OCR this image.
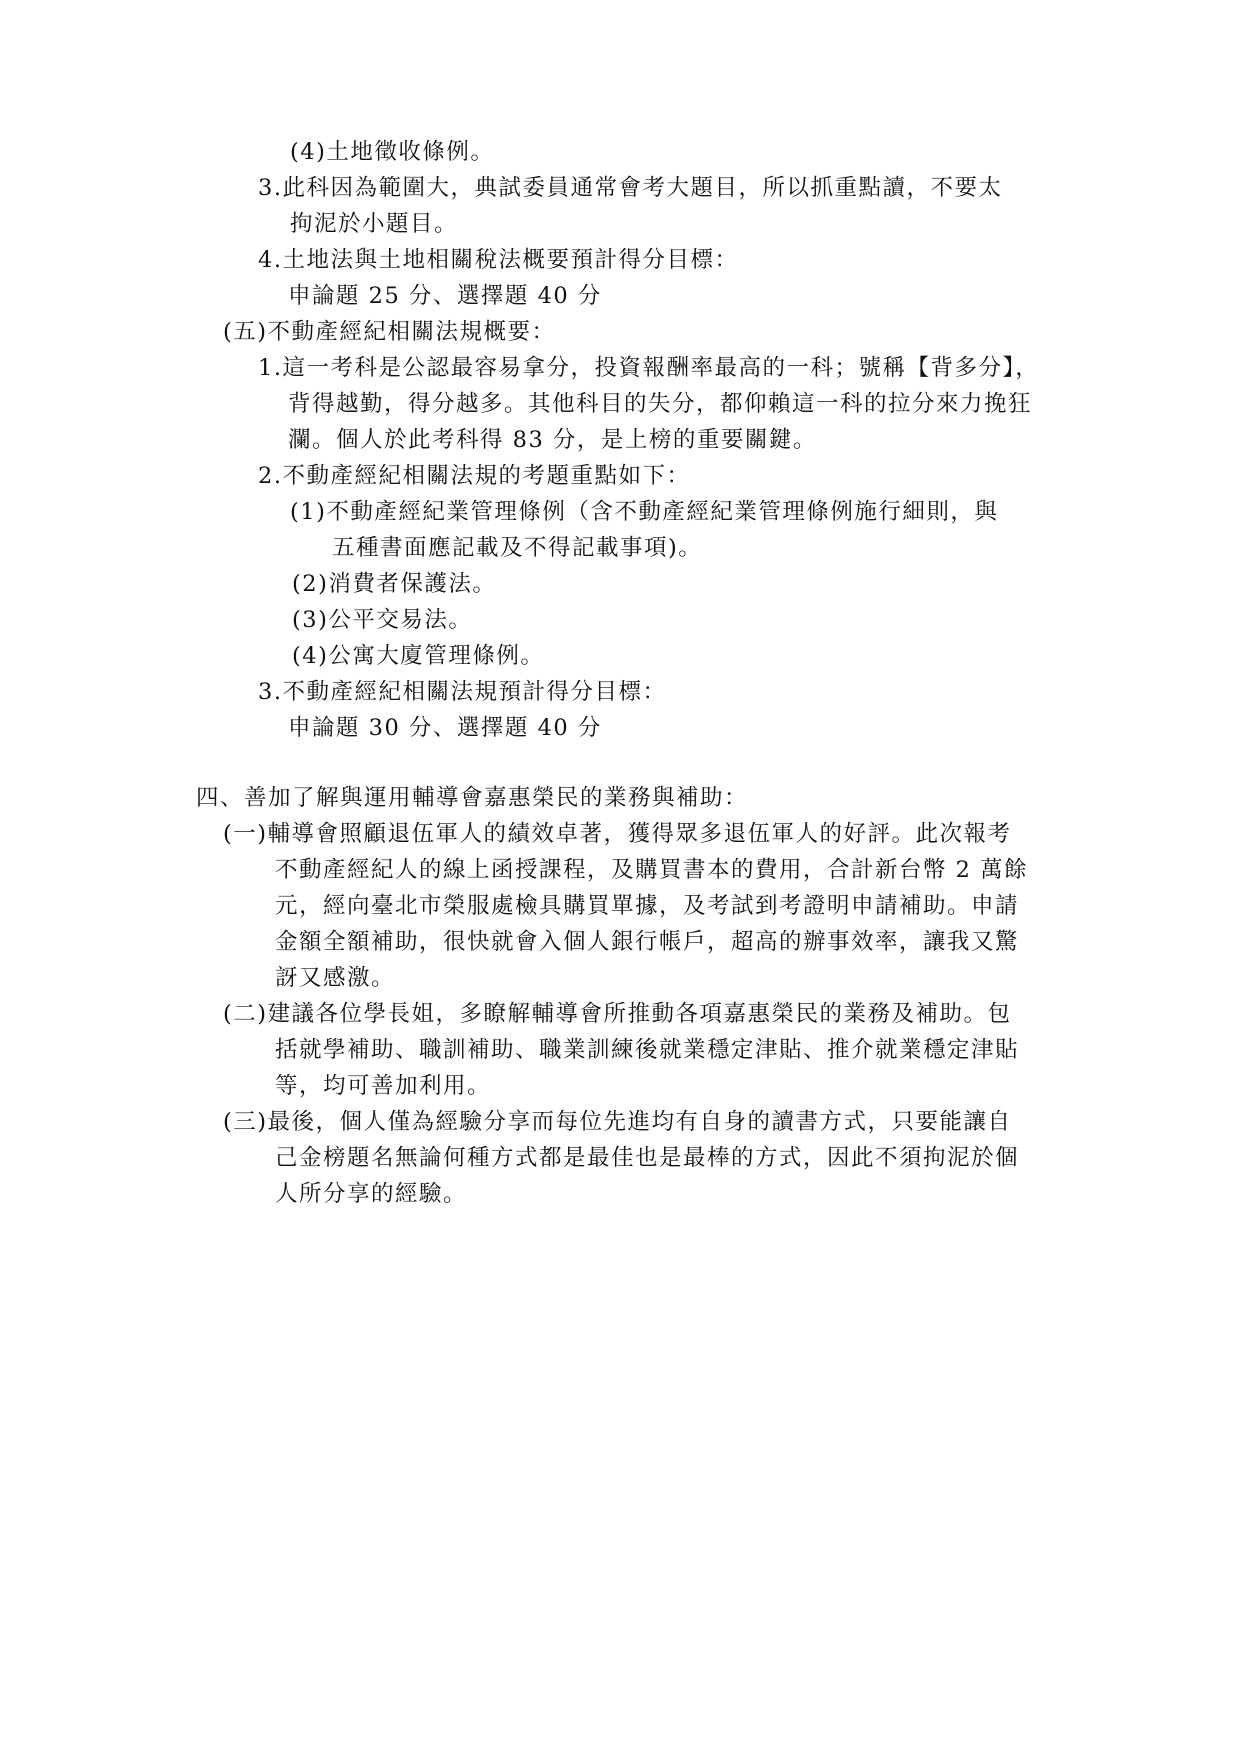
(4)土地徵收條例。
3.此科因為範圍大，典試委員通常會考大題目，所以抓重點讀，不要太
拘泥於小題目。
4.土地法與土地相關稅法概要預計得分目標：
申論題 25 分、選擇題 40 分
(五)不動產經紀相關法規概要：
1.這一考科是公認最容易拿分，投資報酬率最高的一科；號稱【背多分】，
背得越勤，得分越多。其他科目的失分，都仰賴這一科的拉分來力挽狂
瀾。個人於此考科得 83 分，是上榜的重要關鍵。
2.不動產經紀相關法規的考題重點如下：
(1)不動產經紀業管理條例（含不動產經紀業管理條例施行細則，與
五種書面應記載及不得記載事項)。
(2)消費者保護法。
(3)公平交易法。
(4)公寓大廈管理條例。
3.不動產經紀相關法規預計得分目標：
申論題 30 分、選擇題 40 分
四、善加了解與運用輔導會嘉惠榮民的業務與補助：
(一)輔導會照顧退伍軍人的績效卓著，獲得眾多退伍軍人的好評。此次報考
不動產經紀人的線上函授課程，及購買書本的費用，合計新台幣 2 萬餘
元，經向臺北市榮服處檢具購買單據，及考試到考證明申請補助。申請
金額全額補助，很快就會入個人銀行帳戶，超高的辦事效率，讓我又驚
訝又感激。
(二)建議各位學長姐，多瞭解輔導會所推動各項嘉惠榮民的業務及補助。包
括就學補助、職訓補助、職業訓練後就業穩定津貼、推介就業穩定津貼
等，均可善加利用。
(三)最後，個人僅為經驗分享而每位先進均有自身的讀書方式，只要能讓自
己金榜題名無論何種方式都是最佳也是最棒的方式，因此不須拘泥於個
人所分享的經驗。
